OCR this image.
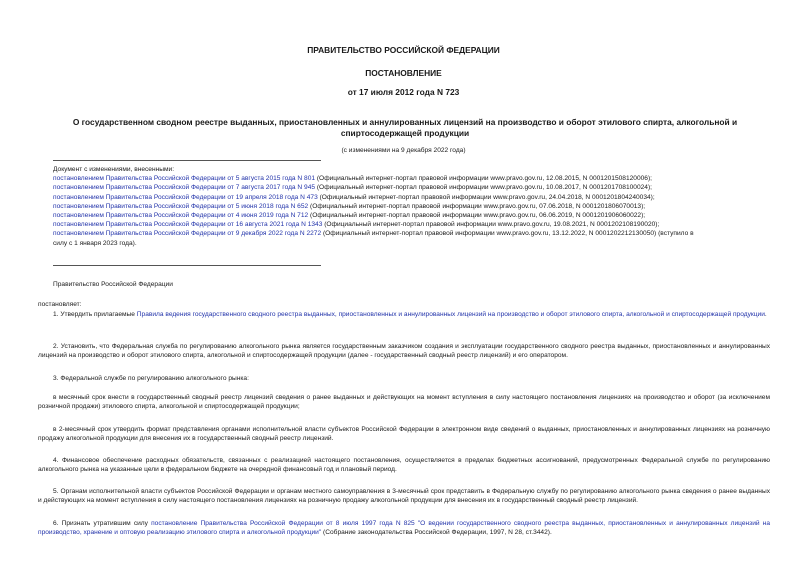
ПРАВИТЕЛЬСТВО РОССИЙСКОЙ ФЕДЕРАЦИИ
ПОСТАНОВЛЕНИЕ
от 17 июля 2012 года N 723
О государственном сводном реестре выданных, приостановленных и аннулированных лицензий на производство и оборот этилового спирта, алкогольной и спиртосодержащей продукции
(с изменениями на 9 декабря 2022 года)
Документ с изменениями, внесенными:
постановлением Правительства Российской Федерации от 5 августа 2015 года N 801 (Официальный интернет-портал правовой информации www.pravo.gov.ru, 12.08.2015, N 0001201508120006);
постановлением Правительства Российской Федерации от 7 августа 2017 года N 945 (Официальный интернет-портал правовой информации www.pravo.gov.ru, 10.08.2017, N 0001201708100024);
постановлением Правительства Российской Федерации от 19 апреля 2018 года N 473 (Официальный интернет-портал правовой информации www.pravo.gov.ru, 24.04.2018, N 0001201804240034);
постановлением Правительства Российской Федерации от 5 июня 2018 года N 652 (Официальный интернет-портал правовой информации www.pravo.gov.ru, 07.06.2018, N 0001201806070013);
постановлением Правительства Российской Федерации от 4 июня 2019 года N 712 (Официальный интернет-портал правовой информации www.pravo.gov.ru, 06.06.2019, N 0001201906060022);
постановлением Правительства Российской Федерации от 16 августа 2021 года N 1343 (Официальный интернет-портал правовой информации www.pravo.gov.ru, 19.08.2021, N 0001202108190020);
постановлением Правительства Российской Федерации от 9 декабря 2022 года N 2272 (Официальный интернет-портал правовой информации www.pravo.gov.ru, 13.12.2022, N 0001202212130050) (вступило в
силу с 1 января 2023 года).
Правительство Российской Федерации
постановляет:
1. Утвердить прилагаемые Правила ведения государственного сводного реестра выданных, приостановленных и аннулированных лицензий на производство и оборот этилового спирта, алкогольной и спиртосодержащей продукции.
2. Установить, что Федеральная служба по регулированию алкогольного рынка является государственным заказчиком создания и эксплуатации государственного сводного реестра выданных, приостановленных и аннулированных лицензий на производство и оборот этилового спирта, алкогольной и спиртосодержащей продукции (далее - государственный сводный реестр лицензий) и его оператором.
3. Федеральной службе по регулированию алкогольного рынка:
в месячный срок внести в государственный сводный реестр лицензий сведения о ранее выданных и действующих на момент вступления в силу настоящего постановления лицензиях на производство и оборот (за исключением розничной продажи) этилового спирта, алкогольной и спиртосодержащей продукции;
в 2-месячный срок утвердить формат представления органами исполнительной власти субъектов Российской Федерации в электронном виде сведений о выданных, приостановленных и аннулированных лицензиях на розничную продажу алкогольной продукции для внесения их в государственный сводный реестр лицензий.
4. Финансовое обеспечение расходных обязательств, связанных с реализацией настоящего постановления, осуществляется в пределах бюджетных ассигнований, предусмотренных Федеральной службе по регулированию алкогольного рынка на указанные цели в федеральном бюджете на очередной финансовый год и плановый период.
5. Органам исполнительной власти субъектов Российской Федерации и органам местного самоуправления в 3-месячный срок представить в Федеральную службу по регулированию алкогольного рынка сведения о ранее выданных и действующих на момент вступления в силу настоящего постановления лицензиях на розничную продажу алкогольной продукции для внесения их в государственный сводный реестр лицензий.
6. Признать утратившим силу постановление Правительства Российской Федерации от 8 июля 1997 года N 825 "О ведении государственного сводного реестра выданных, приостановленных и аннулированных лицензий на производство, хранение и оптовую реализацию этилового спирта и алкогольной продукции" (Собрание законодательства Российской Федерации, 1997, N 28, ст.3442).
